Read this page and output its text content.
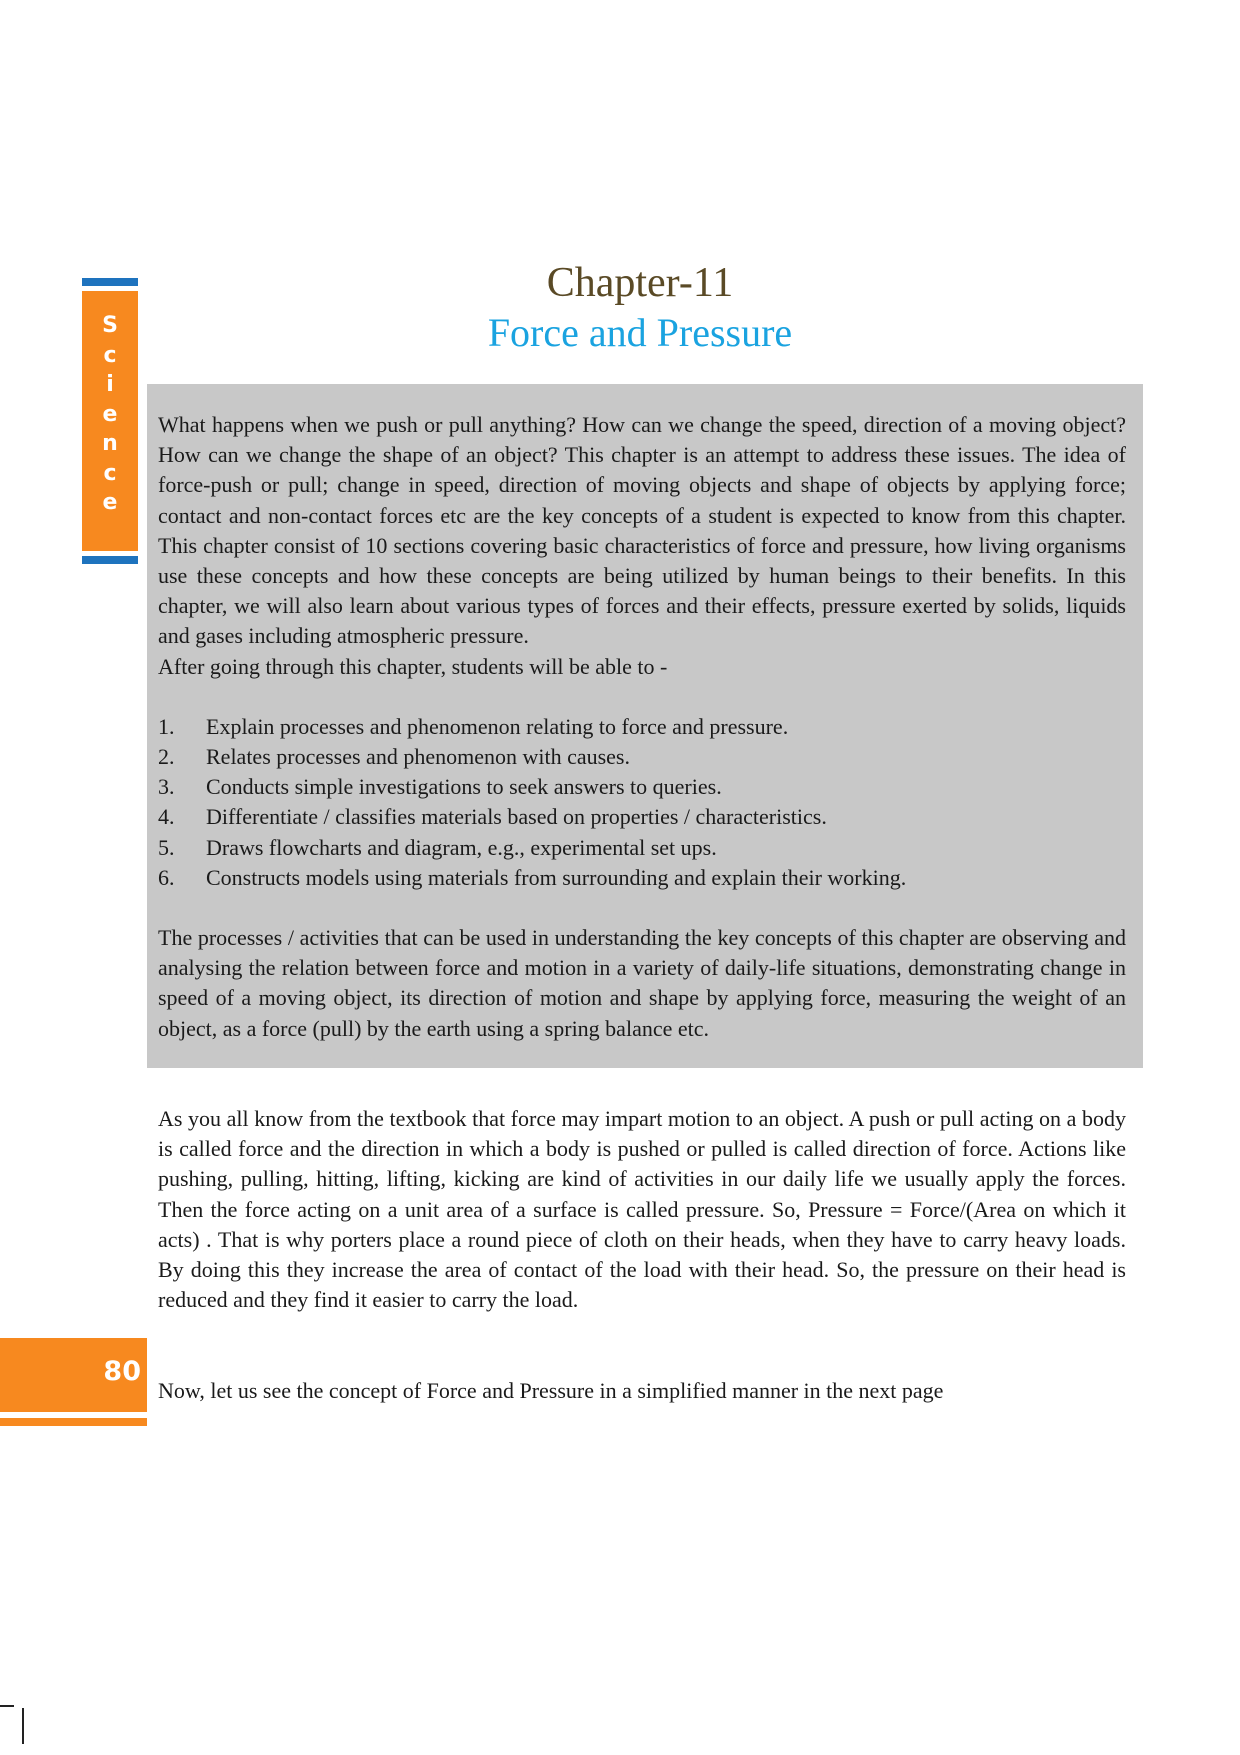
S
c
i
e
n
c
e
Chapter-11
Force and Pressure

What happens when we push or pull anything? How can we change the speed, direction of a moving object? How can we change the shape of an object? This chapter is an attempt to address these issues. The idea of force-push or pull; change in speed, direction of moving objects and shape of objects by applying force; contact and non-contact forces etc are the key concepts of a student is expected to know from this chapter. This chapter consist of 10 sections covering basic characteristics of force and pressure, how living organisms use these concepts and how these concepts are being utilized by human beings to their benefits. In this chapter, we will also learn about various types of forces and their effects, pressure exerted by solids, liquids and gases including atmospheric pressure.

After going through this chapter, students will be able to -

1.	Explain processes and phenomenon relating to force and pressure.
2.	Relates processes and phenomenon with causes.
3.	Conducts simple investigations to seek answers to queries.
4.	Differentiate / classifies materials based on properties / characteristics.
5.	Draws flowcharts and diagram, e.g., experimental set ups.
6.	Constructs models using materials from surrounding and explain their working.

The processes / activities that can be used in understanding the key concepts of this chapter are observing and analysing the relation between force and motion in a variety of daily-life situations, demonstrating change in speed of a moving object, its direction of motion and shape by applying force, measuring the weight of an object, as a force (pull) by the earth using a spring balance etc.

As you all know from the textbook that force may impart motion to an object. A push or pull acting on a body is called force and the direction in which a body is pushed or pulled is called direction of force. Actions like pushing, pulling, hitting, lifting, kicking are kind of activities in our daily life we usually apply the forces. Then the force acting on a unit area of a surface is called pressure. So, Pressure = Force/(Area on which it acts) . That is why porters place a round piece of cloth on their heads, when they have to carry heavy loads. By doing this they increase the area of contact of the load with their head. So, the pressure on their head is reduced and they find it easier to carry the load.

Now, let us see the concept of Force and Pressure in a simplified manner in the next page
80
